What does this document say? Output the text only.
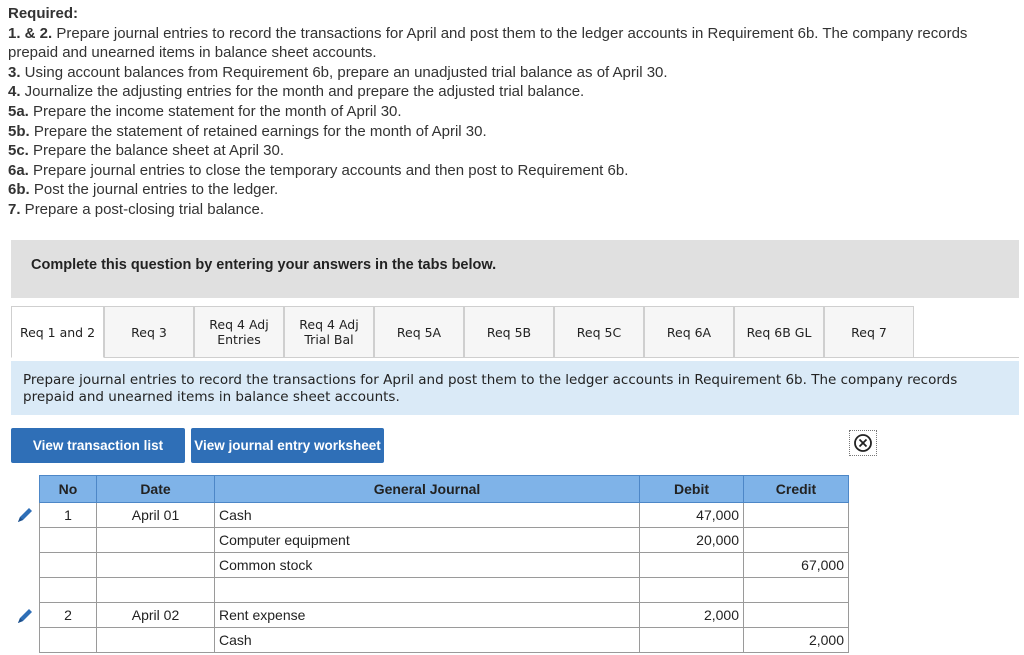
Required:
1. & 2. Prepare journal entries to record the transactions for April and post them to the ledger accounts in Requirement 6b. The company records prepaid and unearned items in balance sheet accounts.
3. Using account balances from Requirement 6b, prepare an unadjusted trial balance as of April 30.
4. Journalize the adjusting entries for the month and prepare the adjusted trial balance.
5a. Prepare the income statement for the month of April 30.
5b. Prepare the statement of retained earnings for the month of April 30.
5c. Prepare the balance sheet at April 30.
6a. Prepare journal entries to close the temporary accounts and then post to Requirement 6b.
6b. Post the journal entries to the ledger.
7. Prepare a post-closing trial balance.
Complete this question by entering your answers in the tabs below.
Req 1 and 2	Req 3	Req 4 Adj
Entries
Req 4 Adj
Trial Bal	Req 5A	Req 5B	Req 5C	Req 6A	Req 6B GL	Req 7

Prepare journal entries to record the transactions for April and post them to the ledger accounts in Requirement 6b. The company records prepaid and unearned items in balance sheet accounts.
View transaction list	View journal entry worksheet
No	Date	General Journal	Debit	Credit
1	April 01	Cash	47,000	
		Computer equipment	20,000	
		Common stock		67,000

2	April 02	Rent expense	2,000	
		Cash		2,000
